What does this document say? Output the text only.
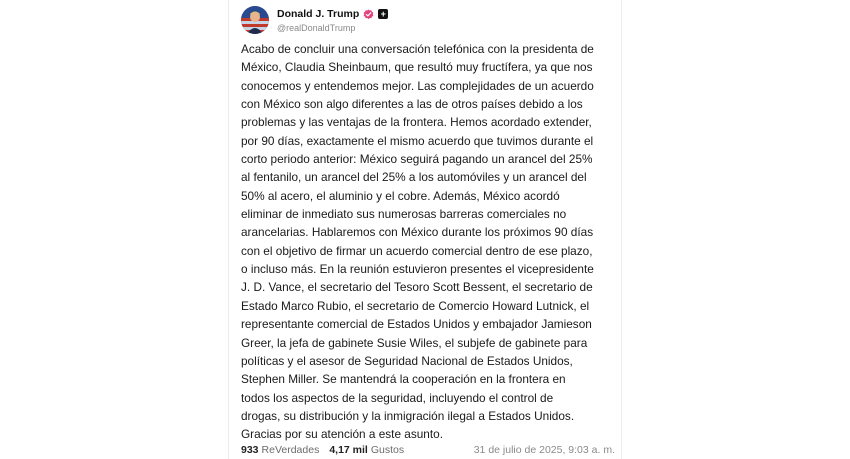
Donald J. Trump +
@realDonaldTrump

Acabo de concluir una conversación telefónica con la presidenta de

México, Claudia Sheinbaum, que resultó muy fructífera, ya que nos

conocemos y entendemos mejor. Las complejidades de un acuerdo

con México son algo diferentes a las de otros países debido a los

problemas y las ventajas de la frontera. Hemos acordado extender,

por 90 días, exactamente el mismo acuerdo que tuvimos durante el

corto periodo anterior: México seguirá pagando un arancel del 25%

al fentanilo, un arancel del 25% a los automóviles y un arancel del

50% al acero, el aluminio y el cobre. Además, México acordó

eliminar de inmediato sus numerosas barreras comerciales no

arancelarias. Hablaremos con México durante los próximos 90 días

con el objetivo de firmar un acuerdo comercial dentro de ese plazo,

o incluso más. En la reunión estuvieron presentes el vicepresidente

J. D. Vance, el secretario del Tesoro Scott Bessent, el secretario de

Estado Marco Rubio, el secretario de Comercio Howard Lutnick, el

representante comercial de Estados Unidos y embajador Jamieson

Greer, la jefa de gabinete Susie Wiles, el subjefe de gabinete para

políticas y el asesor de Seguridad Nacional de Estados Unidos,

Stephen Miller. Se mantendrá la cooperación en la frontera en

todos los aspectos de la seguridad, incluyendo el control de

drogas, su distribución y la inmigración ilegal a Estados Unidos.

Gracias por su atención a este asunto.

933 ReVerdades 4,17 mil Gustos	31 de julio de 2025, 9:03 a. m.
